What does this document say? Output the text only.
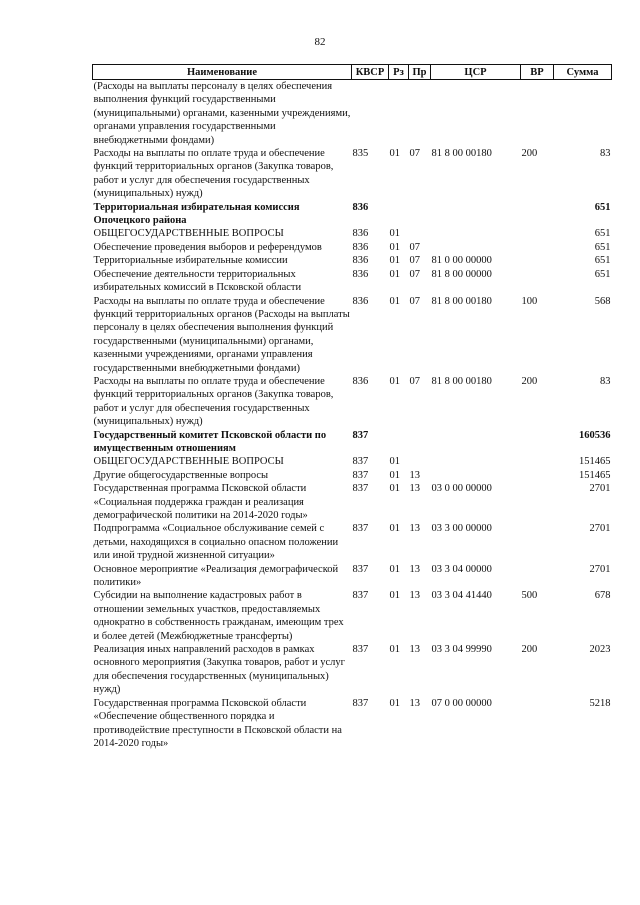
82
Наименование	КВСР	Рз	Пр	ЦСР	ВР	Сумма
(Расходы на выплаты персоналу в целях обеспечения выполнения функций государственными (муниципальными) органами, казенными учреждениями, органами управления государственными внебюджетными фондами)						
Расходы на выплаты по оплате труда и обеспечение функций территориальных органов (Закупка товаров, работ и услуг для обеспечения государственных (муниципальных) нужд)	835	01	07	81 8 00 00180	200	83
Территориальная избирательная комиссия Опочецкого района	836					651
ОБЩЕГОСУДАРСТВЕННЫЕ ВОПРОСЫ	836	01				651
Обеспечение проведения выборов и референдумов	836	01	07			651
Территориальные избирательные комиссии	836	01	07	81 0 00 00000		651
Обеспечение деятельности территориальных избирательных комиссий в Псковской области	836	01	07	81 8 00 00000		651
Расходы на выплаты по оплате труда и обеспечение функций территориальных органов (Расходы на выплаты персоналу в целях обеспечения выполнения функций государственными (муниципальными) органами, казенными учреждениями, органами управления государственными внебюджетными фондами)	836	01	07	81 8 00 00180	100	568
Расходы на выплаты по оплате труда и обеспечение функций территориальных органов (Закупка товаров, работ и услуг для обеспечения государственных (муниципальных) нужд)	836	01	07	81 8 00 00180	200	83
Государственный комитет Псковской области по имущественным отношениям	837					160536
ОБЩЕГОСУДАРСТВЕННЫЕ ВОПРОСЫ	837	01				151465
Другие общегосударственные вопросы	837	01	13			151465
Государственная программа Псковской области «Социальная поддержка граждан и реализация демографической политики на 2014-2020 годы»	837	01	13	03 0 00 00000		2701
Подпрограмма «Социальное обслуживание семей с детьми, находящихся в социально опасном положении или иной трудной жизненной ситуации»	837	01	13	03 3 00 00000		2701
Основное мероприятие «Реализация демографической политики»	837	01	13	03 3 04 00000		2701
Субсидии на выполнение кадастровых работ в отношении земельных участков, предоставляемых однократно в собственность гражданам, имеющим трех и более детей (Межбюджетные трансферты)	837	01	13	03 3 04 41440	500	678
Реализация иных направлений расходов в рамках основного мероприятия (Закупка товаров, работ и услуг для обеспечения государственных (муниципальных) нужд)	837	01	13	03 3 04 99990	200	2023
Государственная программа Псковской области «Обеспечение общественного порядка и противодействие преступности в Псковской области на 2014-2020 годы»	837	01	13	07 0 00 00000		5218
